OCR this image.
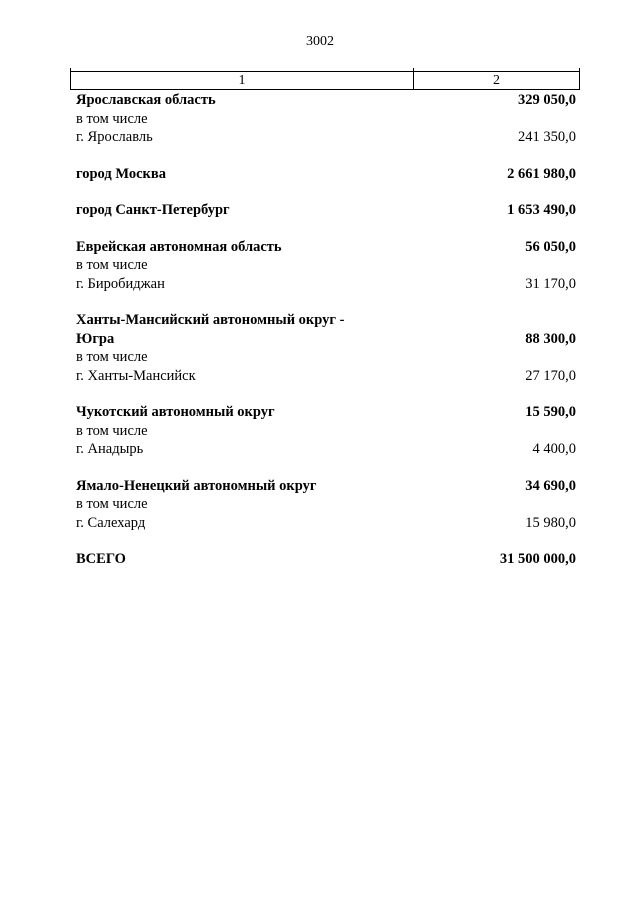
3002
1	2
Ярославская область	329 050,0
в том числе
г. Ярославль	241 350,0
город Москва	2 661 980,0
город Санкт-Петербург	1 653 490,0
Еврейская автономная область	56 050,0
в том числе
г. Биробиджан	31 170,0
Ханты-Мансийский автономный округ -
Югра	88 300,0
в том числе
г. Ханты-Мансийск	27 170,0
Чукотский автономный округ	15 590,0
в том числе
г. Анадырь	4 400,0
Ямало-Ненецкий автономный округ	34 690,0
в том числе
г. Салехард	15 980,0
ВСЕГО	31 500 000,0
